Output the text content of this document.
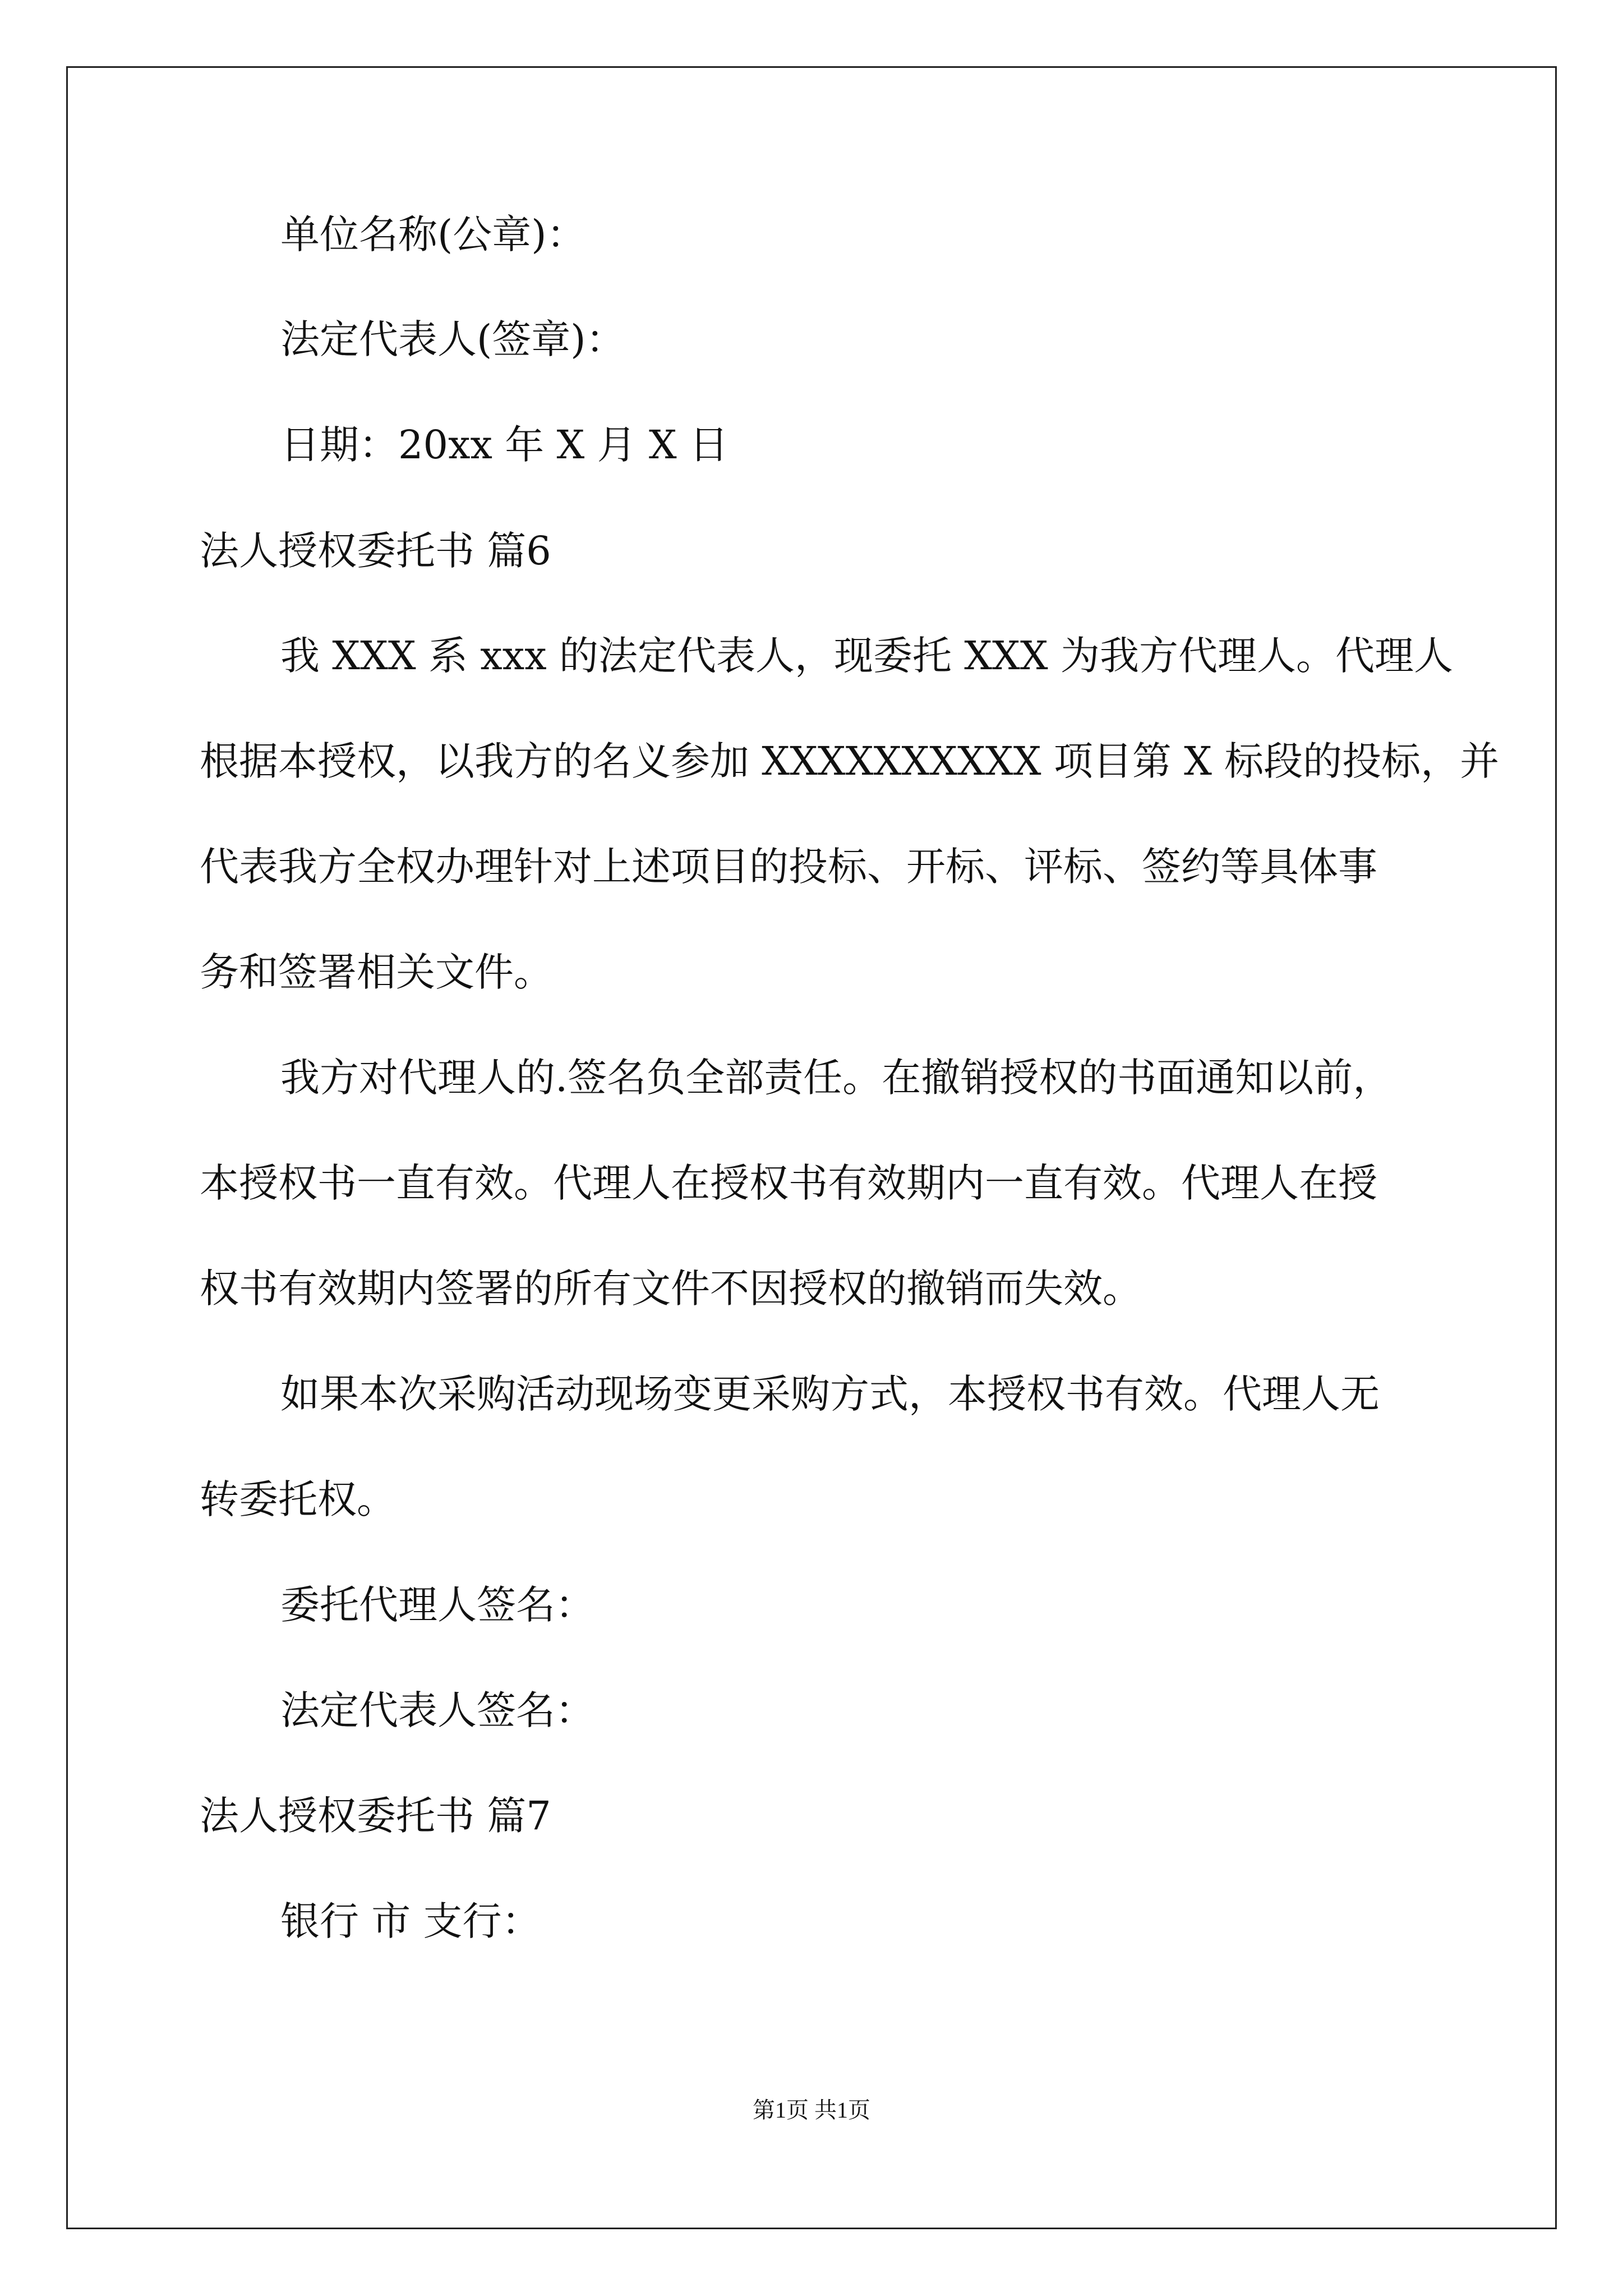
单位名称(公章)：
法定代表人(签章)：
日期：20xx 年 X 月 X 日
法人授权委托书 篇6
我 XXX 系 xxx 的法定代表人，现委托 XXX 为我方代理人。代理人
根据本授权，以我方的名义参加 XXXXXXXXXX 项目第 X 标段的投标，并
代表我方全权办理针对上述项目的投标、开标、评标、签约等具体事
务和签署相关文件。
我方对代理人的.签名负全部责任。在撤销授权的书面通知以前，
本授权书一直有效。代理人在授权书有效期内一直有效。代理人在授
权书有效期内签署的所有文件不因授权的撤销而失效。
如果本次采购活动现场变更采购方式，本授权书有效。代理人无
转委托权。
委托代理人签名：
法定代表人签名：
法人授权委托书 篇7
银行 市 支行：
第1页 共1页
